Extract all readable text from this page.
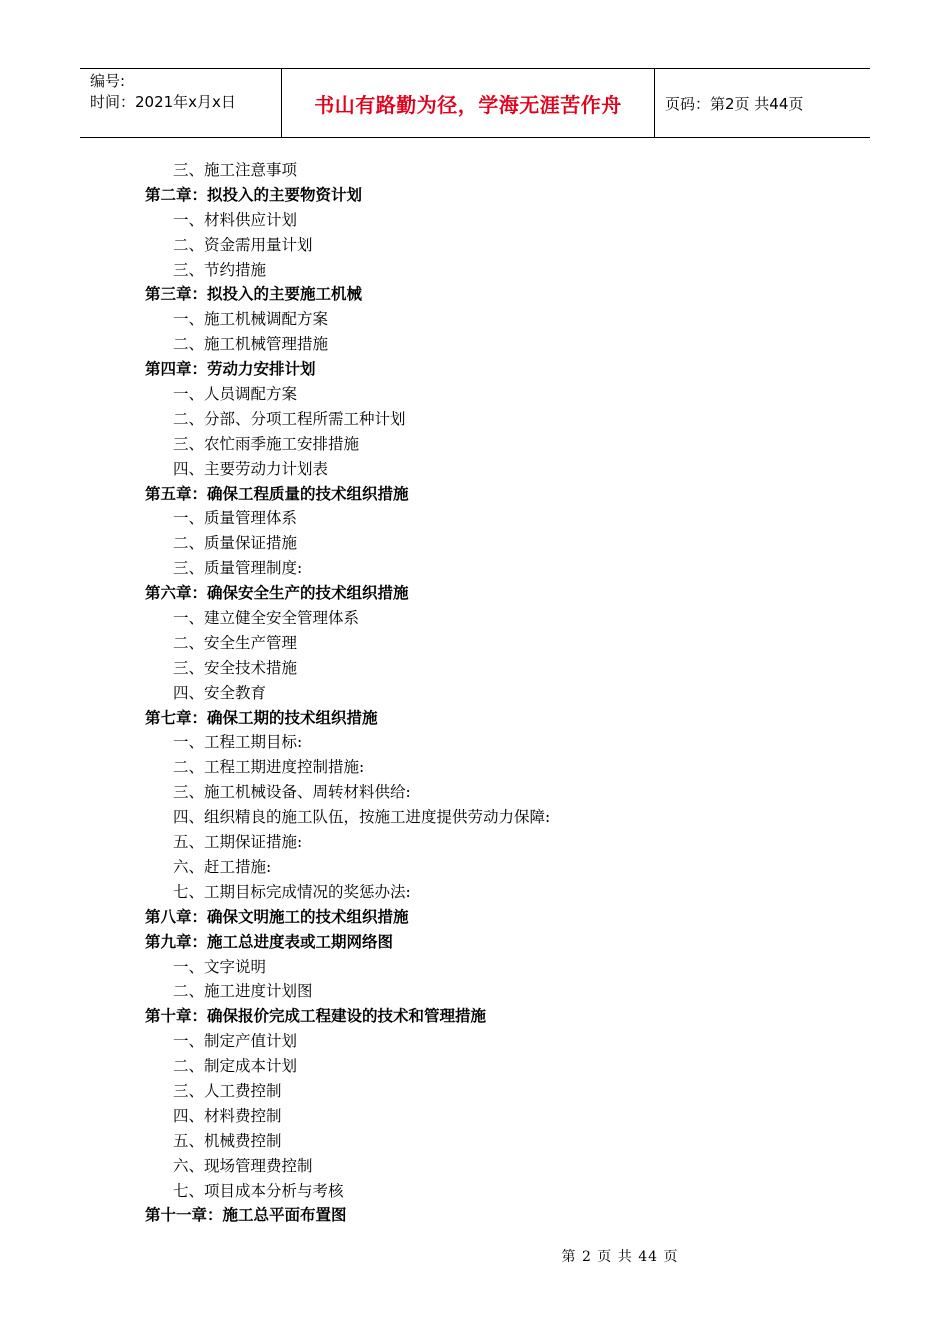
编号:
时间：2021年x月x日	书山有路勤为径，学海无涯苦作舟	页码：第2页 共44页
三、施工注意事项
第二章：拟投入的主要物资计划
一、材料供应计划
二、资金需用量计划
三、节约措施
第三章：拟投入的主要施工机械
一、施工机械调配方案
二、施工机械管理措施
第四章：劳动力安排计划
一、人员调配方案
二、分部、分项工程所需工种计划
三、农忙雨季施工安排措施
四、主要劳动力计划表
第五章：确保工程质量的技术组织措施
一、质量管理体系
二、质量保证措施
三、质量管理制度:
第六章：确保安全生产的技术组织措施
一、建立健全安全管理体系
二、安全生产管理
三、安全技术措施
四、安全教育
第七章：确保工期的技术组织措施
一、工程工期目标:
二、工程工期进度控制措施:
三、施工机械设备、周转材料供给:
四、组织精良的施工队伍，按施工进度提供劳动力保障:
五、工期保证措施:
六、赶工措施:
七、工期目标完成情况的奖惩办法:
第八章：确保文明施工的技术组织措施
第九章：施工总进度表或工期网络图
一、文字说明
二、施工进度计划图
第十章：确保报价完成工程建设的技术和管理措施
一、制定产值计划
二、制定成本计划
三、人工费控制
四、材料费控制
五、机械费控制
六、现场管理费控制
七、项目成本分析与考核
第十一章：施工总平面布置图
第 2 页 共 44 页
